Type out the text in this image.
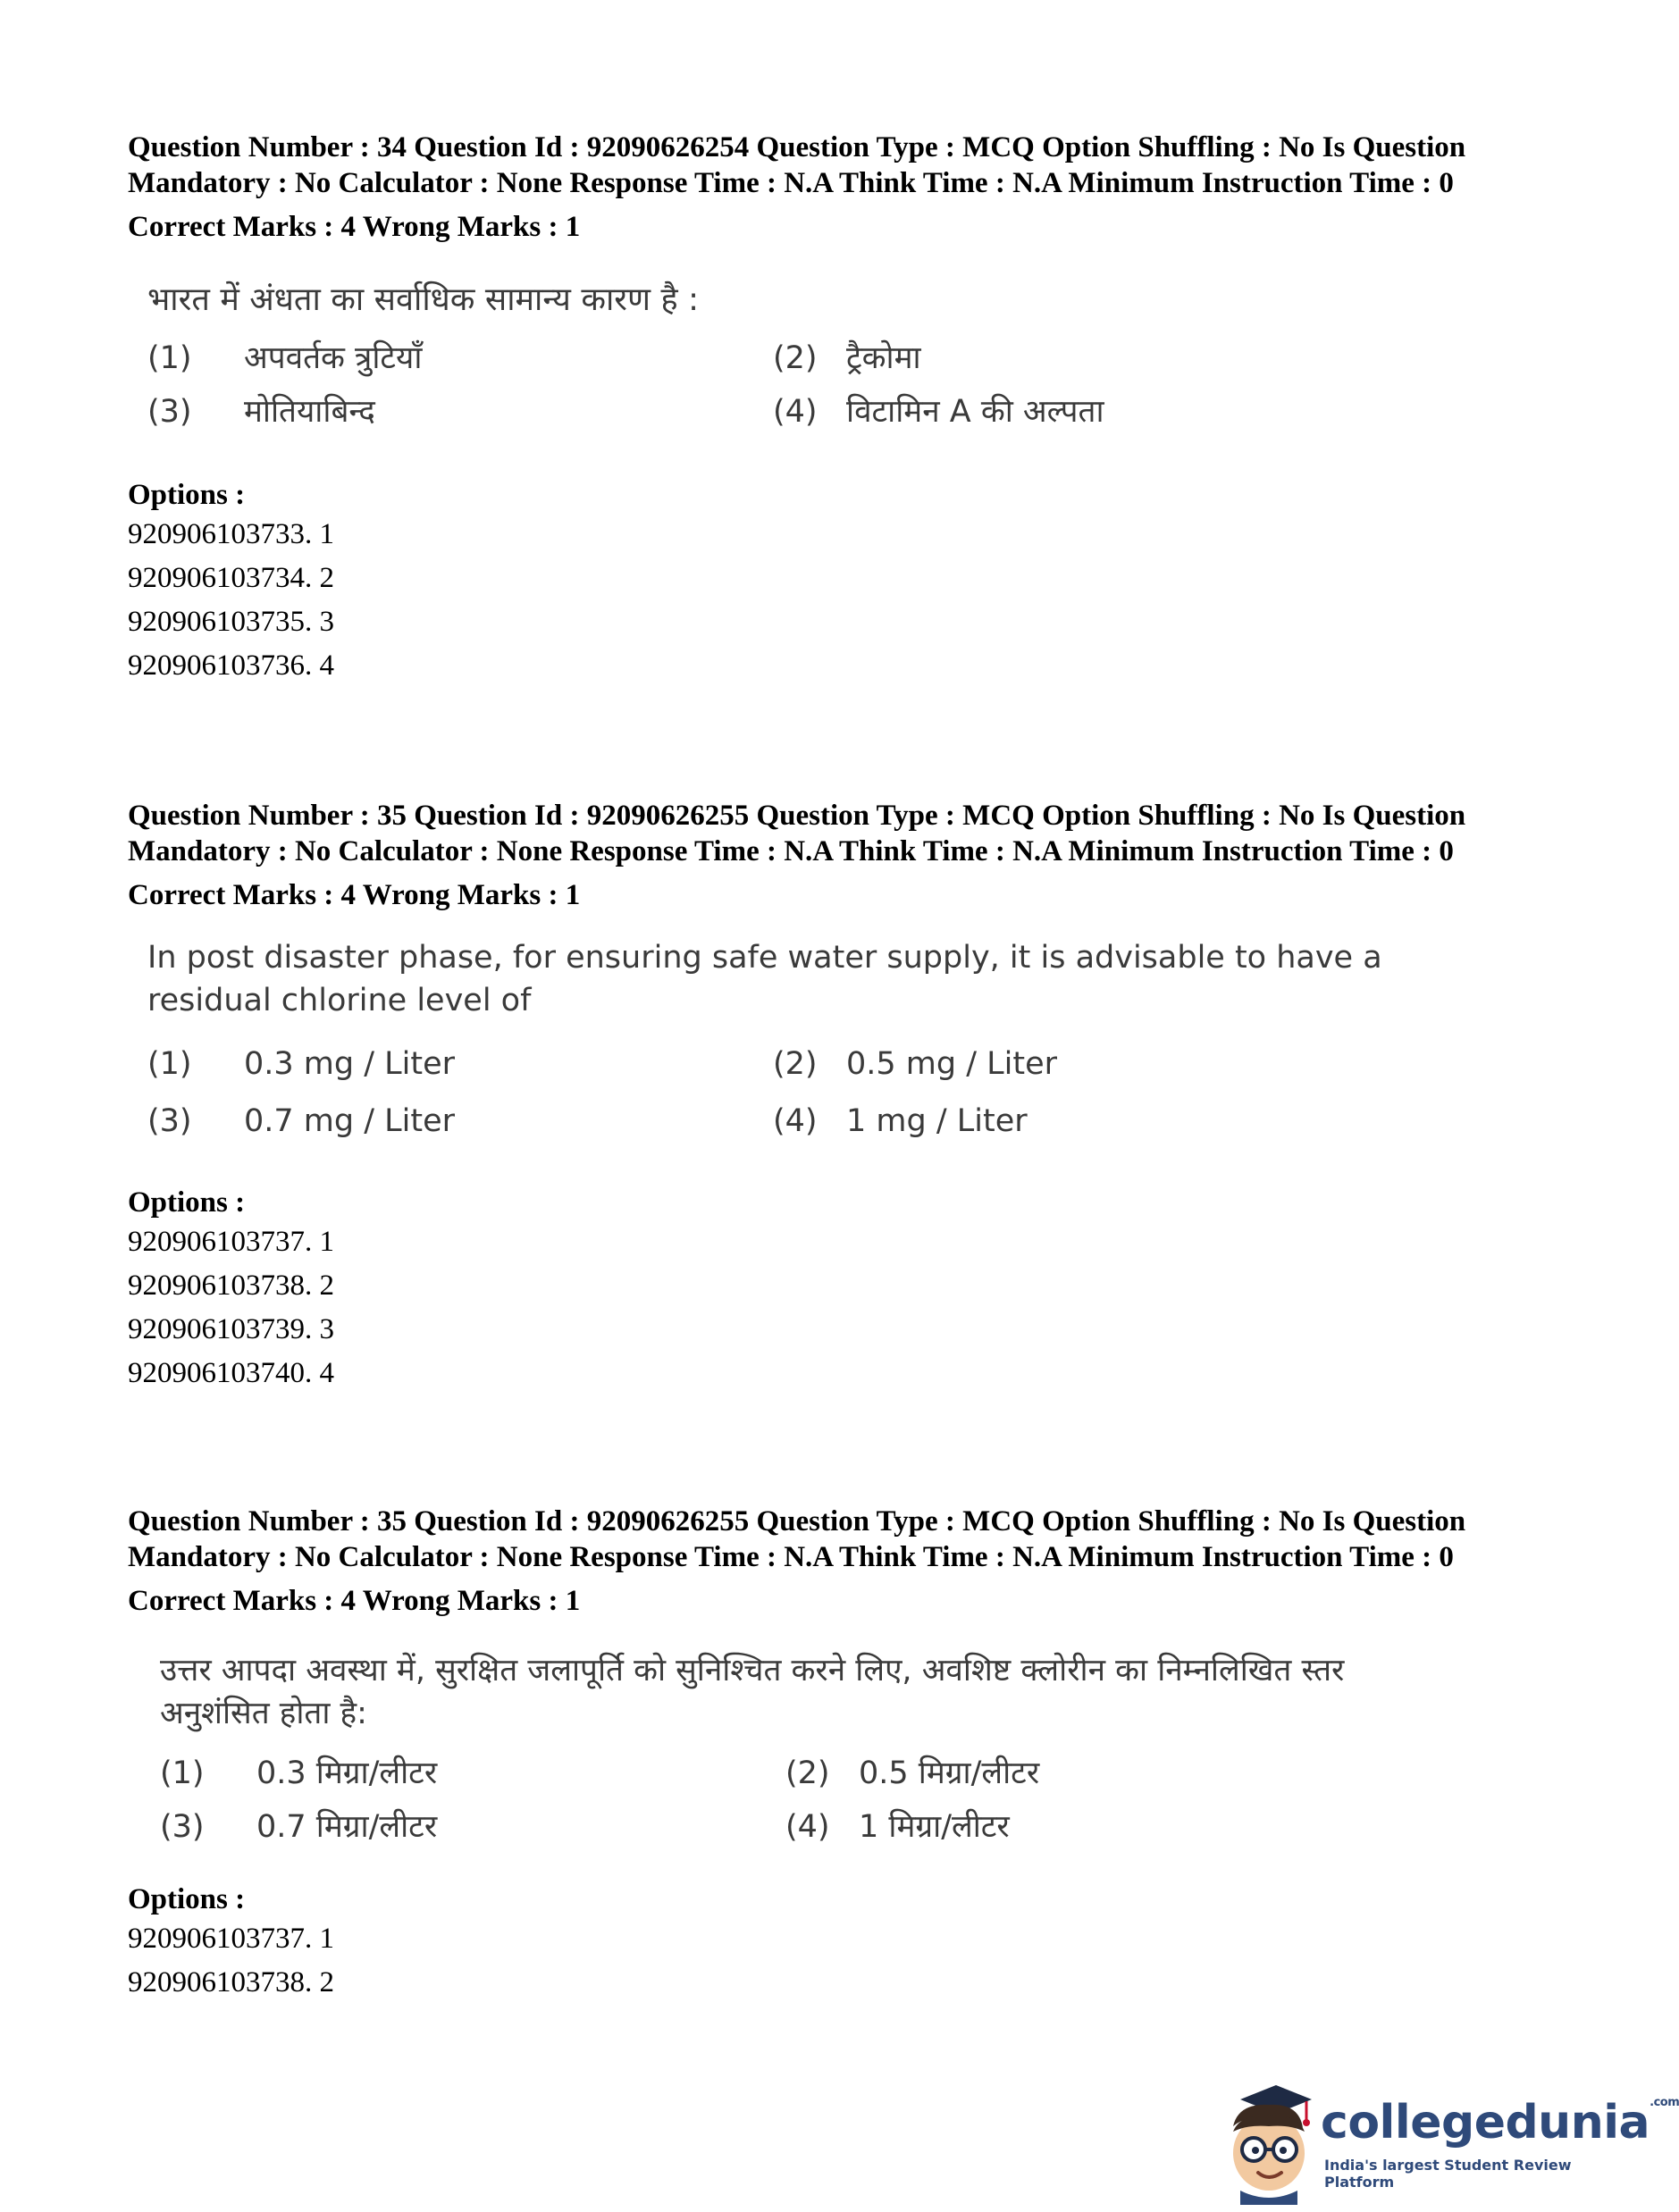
Question Number : 34 Question Id : 92090626254 Question Type : MCQ Option Shuffling : No Is Question Mandatory : No Calculator : None Response Time : N.A Think Time : N.A Minimum Instruction Time : 0
Correct Marks : 4 Wrong Marks : 1

भारत में अंधता का सर्वाधिक सामान्य कारण है :

(1)	अपवर्तक त्रुटियाँ	(2) ट्रैकोमा
(3)	मोतियाबिन्द	(4) विटामिन A की अल्पता
Options :
920906103733. 1
920906103734. 2
920906103735. 3
920906103736. 4
Question Number : 35 Question Id : 92090626255 Question Type : MCQ Option Shuffling : No Is Question Mandatory : No Calculator : None Response Time : N.A Think Time : N.A Minimum Instruction Time : 0
Correct Marks : 4 Wrong Marks : 1

In post disaster phase, for ensuring safe water supply, it is advisable to have a residual chlorine level of

(1)	0.3 mg / Liter	(2) 0.5 mg / Liter
(3)	0.7 mg / Liter	(4) 1 mg / Liter
Options :
920906103737. 1
920906103738. 2
920906103739. 3
920906103740. 4
Question Number : 35 Question Id : 92090626255 Question Type : MCQ Option Shuffling : No Is Question Mandatory : No Calculator : None Response Time : N.A Think Time : N.A Minimum Instruction Time : 0
Correct Marks : 4 Wrong Marks : 1

उत्तर आपदा अवस्था में, सुरक्षित जलापूर्ति को सुनिश्चित करने लिए, अवशिष्ट क्लोरीन का निम्नलिखित स्तर अनुशंसित होता है:

(1)	0.3 मिग्रा/लीटर	(2) 0.5 मिग्रा/लीटर
(3)	0.7 मिग्रा/लीटर	(4) 1 मिग्रा/लीटर
Options :
920906103737. 1
920906103738. 2
collegedunia$^{.com}$
India's largest Student Review Platform
